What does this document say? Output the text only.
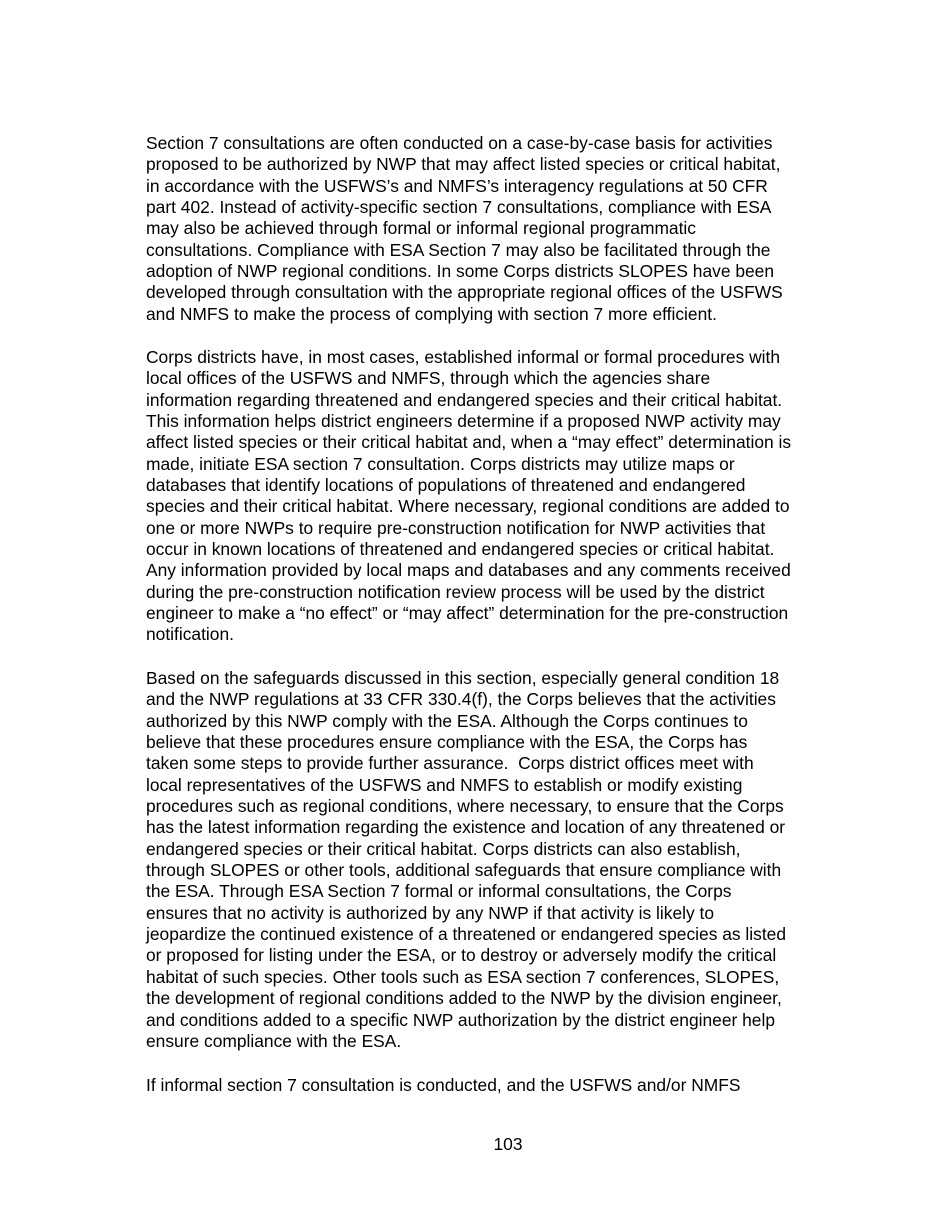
Section 7 consultations are often conducted on a case-by-case basis for activities
proposed to be authorized by NWP that may affect listed species or critical habitat,
in accordance with the USFWS’s and NMFS’s interagency regulations at 50 CFR
part 402. Instead of activity-specific section 7 consultations, compliance with ESA
may also be achieved through formal or informal regional programmatic
consultations. Compliance with ESA Section 7 may also be facilitated through the
adoption of NWP regional conditions. In some Corps districts SLOPES have been
developed through consultation with the appropriate regional offices of the USFWS
and NMFS to make the process of complying with section 7 more efficient.

Corps districts have, in most cases, established informal or formal procedures with
local offices of the USFWS and NMFS, through which the agencies share
information regarding threatened and endangered species and their critical habitat.
This information helps district engineers determine if a proposed NWP activity may
affect listed species or their critical habitat and, when a “may effect” determination is
made, initiate ESA section 7 consultation. Corps districts may utilize maps or
databases that identify locations of populations of threatened and endangered
species and their critical habitat. Where necessary, regional conditions are added to
one or more NWPs to require pre-construction notification for NWP activities that
occur in known locations of threatened and endangered species or critical habitat.
Any information provided by local maps and databases and any comments received
during the pre-construction notification review process will be used by the district
engineer to make a “no effect” or “may affect” determination for the pre-construction
notification.

Based on the safeguards discussed in this section, especially general condition 18
and the NWP regulations at 33 CFR 330.4(f), the Corps believes that the activities
authorized by this NWP comply with the ESA. Although the Corps continues to
believe that these procedures ensure compliance with the ESA, the Corps has
taken some steps to provide further assurance.  Corps district offices meet with
local representatives of the USFWS and NMFS to establish or modify existing
procedures such as regional conditions, where necessary, to ensure that the Corps
has the latest information regarding the existence and location of any threatened or
endangered species or their critical habitat. Corps districts can also establish,
through SLOPES or other tools, additional safeguards that ensure compliance with
the ESA. Through ESA Section 7 formal or informal consultations, the Corps
ensures that no activity is authorized by any NWP if that activity is likely to
jeopardize the continued existence of a threatened or endangered species as listed
or proposed for listing under the ESA, or to destroy or adversely modify the critical
habitat of such species. Other tools such as ESA section 7 conferences, SLOPES,
the development of regional conditions added to the NWP by the division engineer,
and conditions added to a specific NWP authorization by the district engineer help
ensure compliance with the ESA.

If informal section 7 consultation is conducted, and the USFWS and/or NMFS

103
